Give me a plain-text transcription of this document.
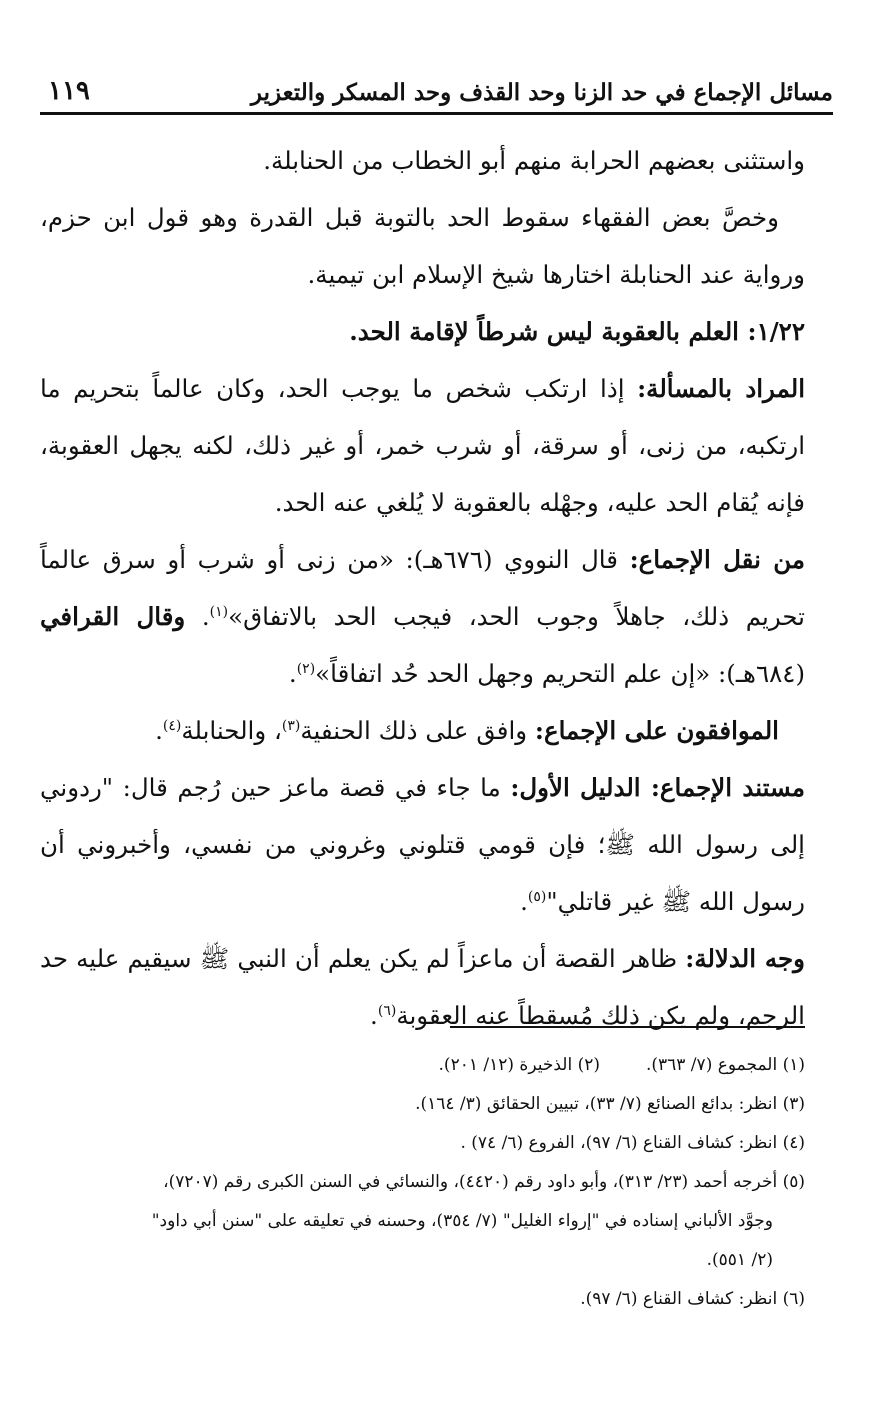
مسائل الإجماع في حد الزنا وحد القذف وحد المسكر والتعزير
١١٩

واستثنى بعضهم الحرابة منهم أبو الخطاب من الحنابلة.

وخصَّ بعض الفقهاء سقوط الحد بالتوبة قبل القدرة وهو قول ابن حزم، ورواية عند الحنابلة اختارها شيخ الإسلام ابن تيمية.

١/٢٢: العلم بالعقوبة ليس شرطاً لإقامة الحد.

المراد بالمسألة: إذا ارتكب شخص ما يوجب الحد، وكان عالماً بتحريم ما ارتكبه، من زنى، أو سرقة، أو شرب خمر، أو غير ذلك، لكنه يجهل العقوبة، فإنه يُقام الحد عليه، وجهْله بالعقوبة لا يُلغي عنه الحد.

من نقل الإجماع: قال النووي (٦٧٦هـ): «من زنى أو شرب أو سرق عالماً تحريم ذلك، جاهلاً وجوب الحد، فيجب الحد بالاتفاق»$^{(١)}$. وقال القرافي (٦٨٤هـ): «إن علم التحريم وجهل الحد حُد اتفاقاً»$^{(٢)}$.

الموافقون على الإجماع: وافق على ذلك الحنفية$^{(٣)}$، والحنابلة$^{(٤)}$.

مستند الإجماع: الدليل الأول: ما جاء في قصة ماعز حين رُجم قال: "ردوني إلى رسول الله ﷺ؛ فإن قومي قتلوني وغروني من نفسي، وأخبروني أن رسول الله ﷺ غير قاتلي"$^{(٥)}$.

وجه الدلالة: ظاهر القصة أن ماعزاً لم يكن يعلم أن النبي ﷺ سيقيم عليه حد الرجم، ولم يكن ذلك مُسقطاً عنه العقوبة$^{(٦)}$.

(١) المجموع (٧/ ٣٦٣).
(٢) الذخيرة (١٢/ ٢٠١).

(٣) انظر: بدائع الصنائع (٧/ ٣٣)، تبيين الحقائق (٣/ ١٦٤).

(٤) انظر: كشاف القناع (٦/ ٩٧)، الفروع (٦/ ٧٤) .

(٥) أخرجه أحمد (٢٣/ ٣١٣)، وأبو داود رقم (٤٤٢٠)، والنسائي في السنن الكبرى رقم (٧٢٠٧)،
وجوَّد الألباني إسناده في "إرواء الغليل" (٧/ ٣٥٤)، وحسنه في تعليقه على "سنن أبي داود"
(٢/ ٥٥١).

(٦) انظر: كشاف القناع (٦/ ٩٧).
